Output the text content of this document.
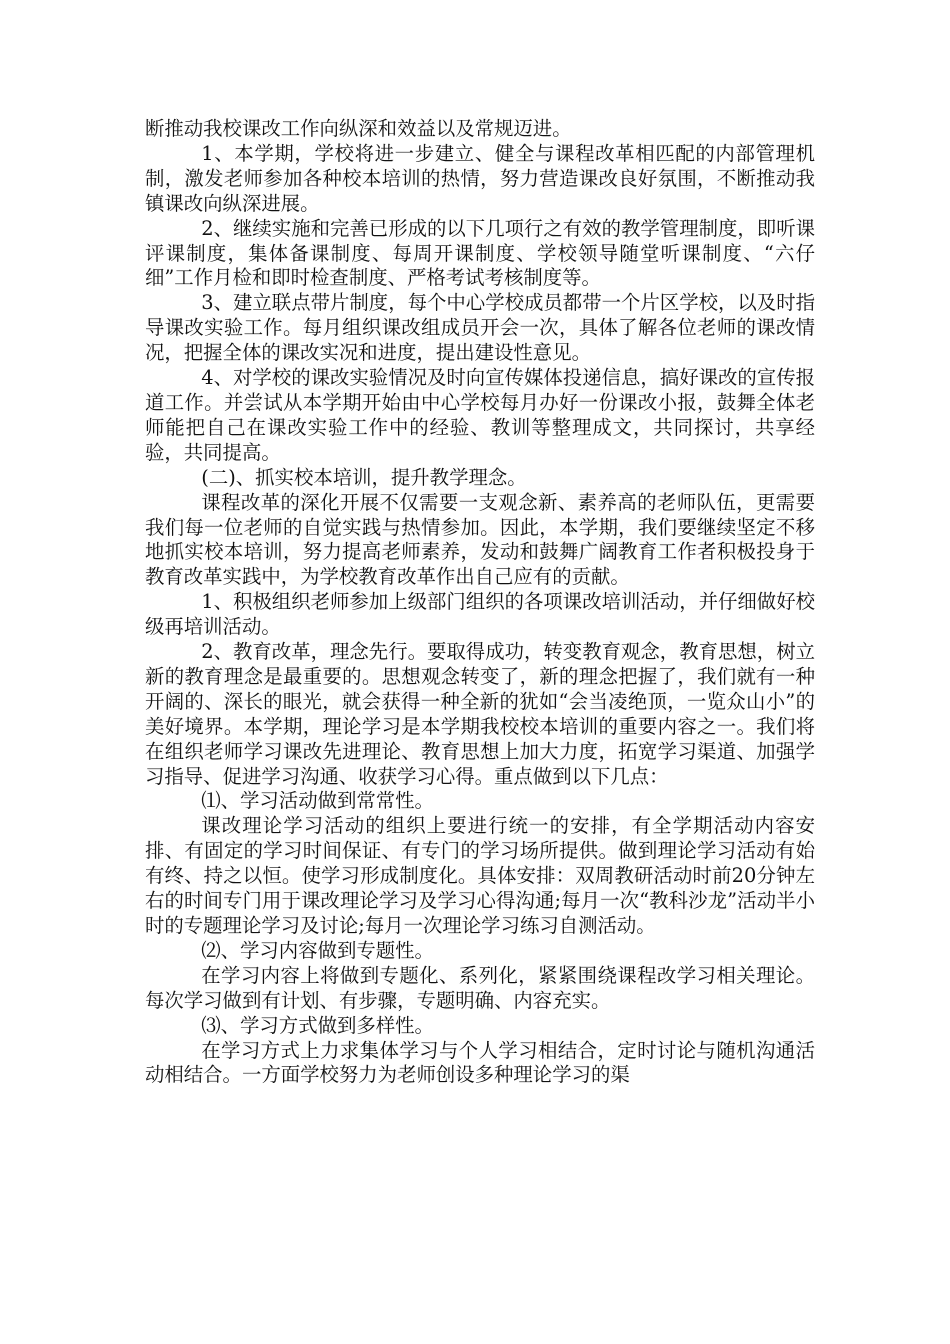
断推动我校课改工作向纵深和效益以及常规迈进。

1、本学期，学校将进一步建立、健全与课程改革相匹配的内部管理机制，激发老师参加各种校本培训的热情，努力营造课改良好氛围，不断推动我镇课改向纵深进展。

2、继续实施和完善已形成的以下几项行之有效的教学管理制度，即听课评课制度，集体备课制度、每周开课制度、学校领导随堂听课制度、“六仔细”工作月检和即时检查制度、严格考试考核制度等。

3、建立联点带片制度，每个中心学校成员都带一个片区学校，以及时指导课改实验工作。每月组织课改组成员开会一次，具体了解各位老师的课改情况，把握全体的课改实况和进度，提出建设性意见。

4、对学校的课改实验情况及时向宣传媒体投递信息，搞好课改的宣传报道工作。并尝试从本学期开始由中心学校每月办好一份课改小报，鼓舞全体老师能把自己在课改实验工作中的经验、教训等整理成文，共同探讨，共享经验，共同提高。

(二)、抓实校本培训，提升教学理念。

课程改革的深化开展不仅需要一支观念新、素养高的老师队伍，更需要我们每一位老师的自觉实践与热情参加。因此，本学期，我们要继续坚定不移地抓实校本培训，努力提高老师素养，发动和鼓舞广阔教育工作者积极投身于教育改革实践中，为学校教育改革作出自己应有的贡献。

1、积极组织老师参加上级部门组织的各项课改培训活动，并仔细做好校级再培训活动。

2、教育改革，理念先行。要取得成功，转变教育观念，教育思想，树立新的教育理念是最重要的。思想观念转变了，新的理念把握了，我们就有一种开阔的、深长的眼光，就会获得一种全新的犹如“会当凌绝顶，一览众山小”的美好境界。本学期，理论学习是本学期我校校本培训的重要内容之一。我们将在组织老师学习课改先进理论、教育思想上加大力度，拓宽学习渠道、加强学习指导、促进学习沟通、收获学习心得。重点做到以下几点：

⑴、学习活动做到常常性。

课改理论学习活动的组织上要进行统一的安排，有全学期活动内容安排、有固定的学习时间保证、有专门的学习场所提供。做到理论学习活动有始有终、持之以恒。使学习形成制度化。具体安排：双周教研活动时前20分钟左右的时间专门用于课改理论学习及学习心得沟通;每月一次“教科沙龙”活动半小时的专题理论学习及讨论;每月一次理论学习练习自测活动。

⑵、学习内容做到专题性。

在学习内容上将做到专题化、系列化，紧紧围绕课程改学习相关理论。每次学习做到有计划、有步骤，专题明确、内容充实。

⑶、学习方式做到多样性。

在学习方式上力求集体学习与个人学习相结合，定时讨论与随机沟通活动相结合。一方面学校努力为老师创设多种理论学习的渠
